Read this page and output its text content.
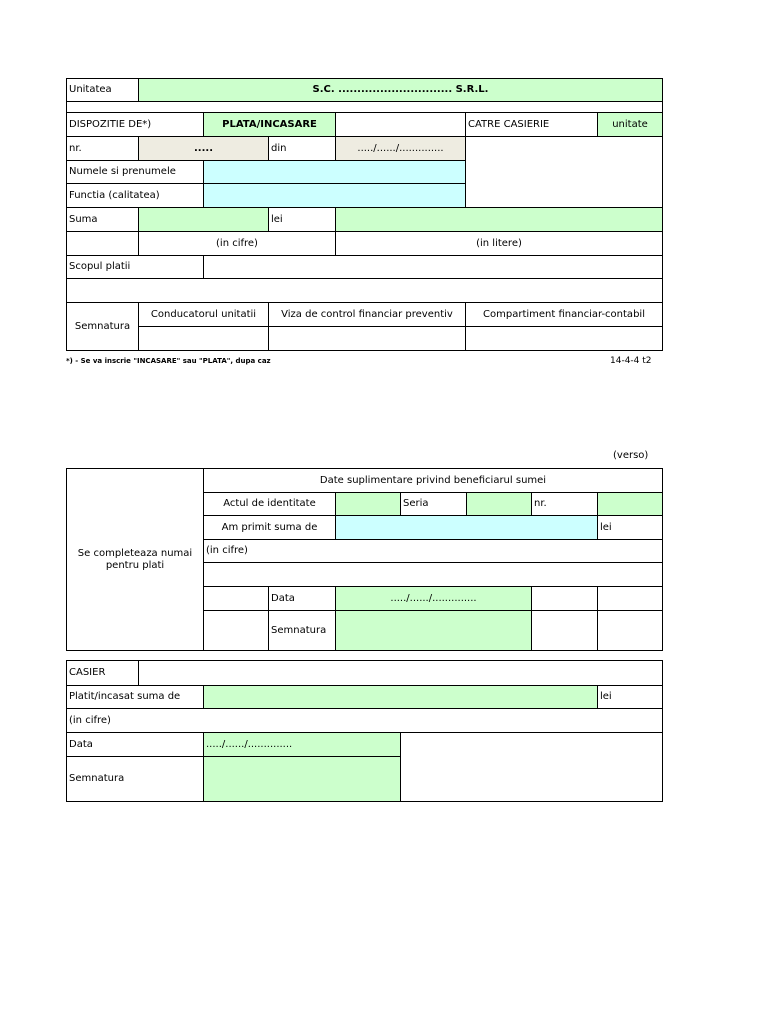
Unitatea	S.C. .............................. S.R.L.
DISPOZITIE DE*)	PLATA/INCASARE	CATRE CASIERIE	unitate
nr.	.....	din	...../....../..............
Numele si prenumele
Functia (calitatea)
Suma	lei
(in cifre)	(in litere)
Scopul platii
Semnatura
Conducatorul unitatii	Viza de control financiar preventiv	Compartiment financiar-contabil
*) - Se va inscrie "INCASARE" sau "PLATA", dupa caz	14-4-4 t2
(verso)
Se completeaza numai pentru plati
Date suplimentare privind beneficiarul sumei
Actul de identitate	Seria	nr.
Am primit suma de	lei
(in cifre)
Data	...../....../..............
Semnatura
CASIER
Platit/incasat suma de	lei
(in cifre)
Data	...../....../..............
Semnatura
